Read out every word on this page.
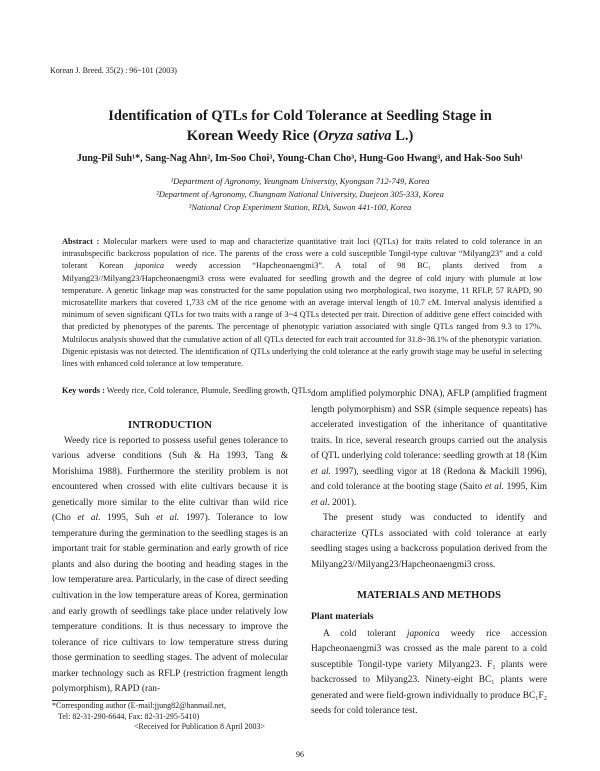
Korean J. Breed. 35(2) : 96~101 (2003)
Identification of QTLs for Cold Tolerance at Seedling Stage in
Korean Weedy Rice (Oryza sativa L.)
Jung-Pil Suh¹*, Sang-Nag Ahn², Im-Soo Choi³, Young-Chan Cho³, Hung-Goo Hwang³, and Hak-Soo Suh¹
¹Department of Agronomy, Yeungnam University, Kyongsan 712-749, Korea
²Department of Agronomy, Chungnam National University, Daejeon 305-333, Korea
³National Crop Experiment Station, RDA, Suwon 441-100, Korea
Abstract : Molecular markers were used to map and characterize quantitative trait loci (QTLs) for traits related to cold tolerance in an intrasubspecific backcross population of rice. The parents of the cross were a cold susceptible Tongil-type cultivar “Milyang23” and a cold tolerant Korean japonica weedy accession “Hapcheonaengmi3”. A total of 98 BC₁ plants derived from a Milyang23//Milyang23/Hapcheonaengmi3 cross were evaluated for seedling growth and the degree of cold injury with plumule at low temperature. A genetic linkage map was constructed for the same population using two morphological, two isozyme, 11 RFLP, 57 RAPD, 90 microsatellite markers that covered 1,733 cM of the rice genome with an average interval length of 10.7 cM. Interval analysis identified a minimum of seven significant QTLs for two traits with a range of 3~4 QTLs detected per trait. Direction of additive gene effect coincided with that predicted by phenotypes of the parents. The percentage of phenotypic variation associated with single QTLs ranged from 9.3 to 17%. Multilocus analysis showed that the cumulative action of all QTLs detected for each trait accounted for 31.8~38.1% of the phenotypic variation. Digenic epistasis was not detected. The identification of QTLs underlying the cold tolerance at the early growth stage may be useful in selecting lines with enhanced cold tolerance at low temperature.
Key words : Weedy rice, Cold tolerance, Plumule, Seedling growth, QTLs

INTRODUCTION

Weedy rice is reported to possess useful genes tolerance to various adverse conditions (Suh & Ha 1993, Tang & Morishima 1988). Furthermore the sterility problem is not encountered when crossed with elite cultivars because it is genetically more similar to the elite cultivar than wild rice (Cho et al. 1995, Suh et al. 1997). Tolerance to low temperature during the germination to the seedling stages is an important trait for stable germination and early growth of rice plants and also during the booting and heading stages in the low temperature area. Particularly, in the case of direct seeding cultivation in the low temperature areas of Korea, germination and early growth of seedlings take place under relatively low temperature conditions. It is thus necessary to improve the tolerance of rice cultivars to low temperature stress during those germination to seedling stages. The advent of molecular marker technology such as RFLP (restriction fragment length polymorphism), RAPD (ran-

dom amplified polymorphic DNA), AFLP (amplified fragment length polymorphism) and SSR (simple sequence repeats) has accelerated investigation of the inheritance of quantitative traits. In rice, several research groups carried out the analysis of QTL underlying cold tolerance: seedling growth at 18 (Kim et al. 1997), seedling vigor at 18 (Redona & Mackill 1996), and cold tolerance at the booting stage (Saito et al. 1995, Kim et al. 2001).

The present study was conducted to identify and characterize QTLs associated with cold tolerance at early seedling stages using a backcross population derived from the Milyang23//Milyang23/Hapcheonaengmi3 cross.

MATERIALS AND METHODS

Plant materials

A cold tolerant japonica weedy rice accession Hapcheonaengmi3 was crossed as the male parent to a cold susceptible Tongil-type variety Milyang23. F₁ plants were backcrossed to Milyang23. Ninety-eight BC₁ plants were generated and were field-grown individually to produce BC₁F₂ seeds for cold tolerance test.

*Corresponding author (E-mail:jjung82@hanmail.net,
Tel: 82-31-290-6644, Fax: 82-31-295-5410)
<Received for Publication 8 April 2003>
96
